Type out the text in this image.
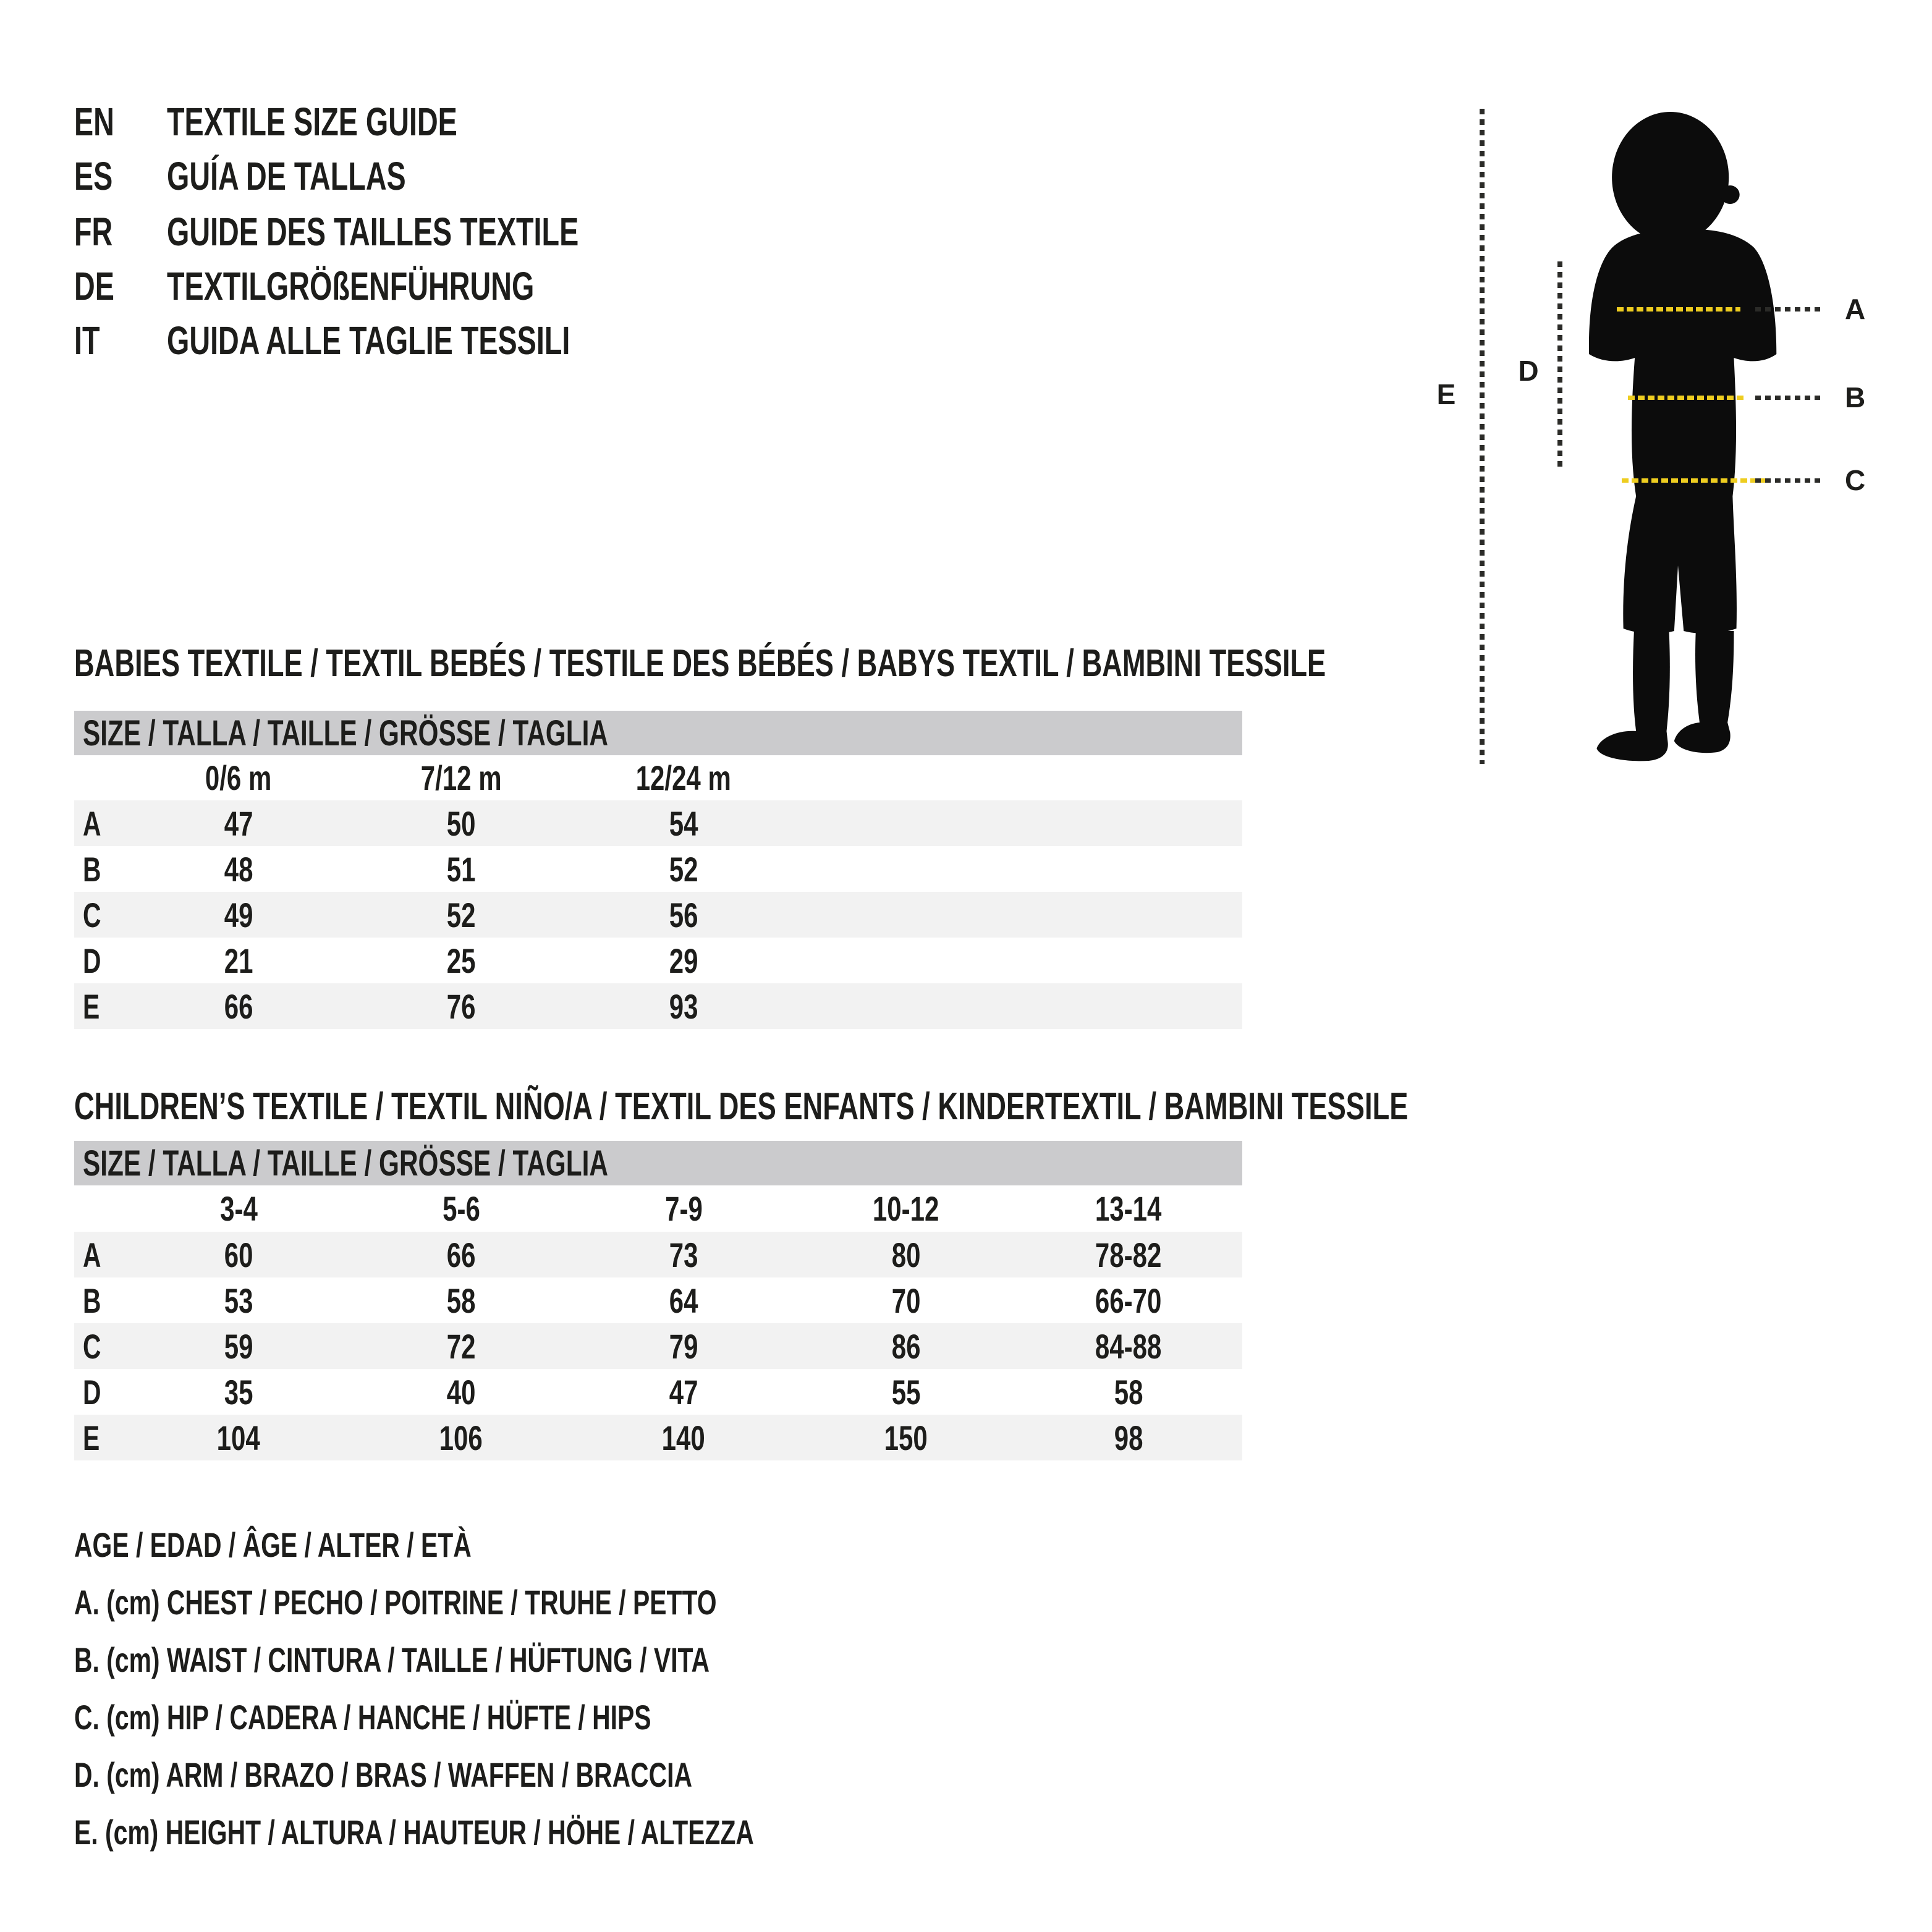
EN	TEXTILE SIZE GUIDE
ES	GUÍA DE TALLAS
FR	GUIDE DES TAILLES TEXTILE
DE	TEXTILGRÖßENFÜHRUNG
IT GUIDA ALLE TAGLIE TESSILI
E
D
A
B
C
BABIES TEXTILE / TEXTIL BEBÉS / TESTILE DES BÉBÉS / BABYS TEXTIL / BAMBINI TESSILE
SIZE / TALLA / TAILLE / GRÖSSE / TAGLIA
0/6 m	7/12 m	12/24 m
A	47	50	54
B	48	51	52
C	49	52	56
D	21	25	29
E	66	76	93
CHILDREN’S TEXTILE / TEXTIL NIÑO/A / TEXTIL DES ENFANTS / KINDERTEXTIL / BAMBINI TESSILE
SIZE / TALLA / TAILLE / GRÖSSE / TAGLIA
3-4	5-6	7-9	10-12	13-14
A	60	66	73	80	78-82
B	53	58	64	70	66-70
C	59	72	79	86	84-88
D	35	40	47	55	58
E	104	106	140	150	98
AGE / EDAD / ÂGE / ALTER / ETÀ
A. (cm) CHEST / PECHO / POITRINE / TRUHE / PETTO
B. (cm) WAIST / CINTURA / TAILLE / HÜFTUNG / VITA
C. (cm) HIP / CADERA / HANCHE / HÜFTE / HIPS
D. (cm) ARM / BRAZO / BRAS / WAFFEN / BRACCIA
E. (cm) HEIGHT / ALTURA / HAUTEUR / HÖHE / ALTEZZA
